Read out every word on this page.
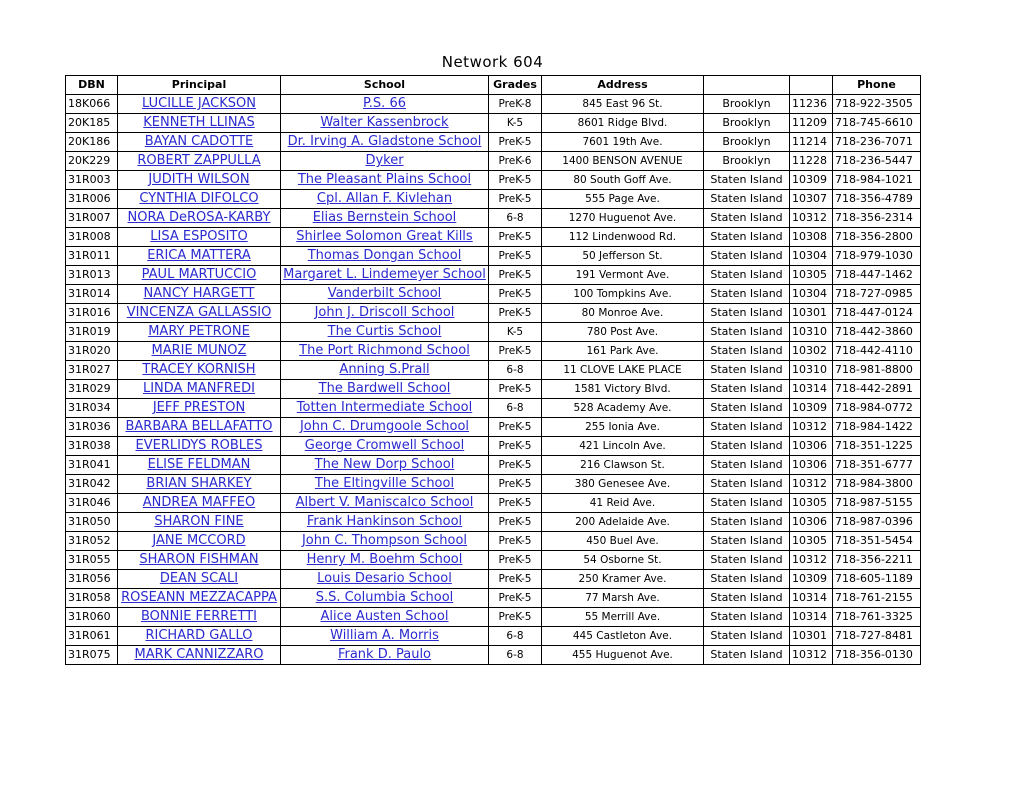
Network 604
DBN	Principal	School	Grades	Address			Phone
18K066	LUCILLE JACKSON	P.S. 66	PreK-8	845 East 96 St.	Brooklyn	11236	718-922-3505
20K185	KENNETH LLINAS	Walter Kassenbrock	K-5	8601 Ridge Blvd.	Brooklyn	11209	718-745-6610
20K186	BAYAN CADOTTE	Dr. Irving A. Gladstone School	PreK-5	7601 19th Ave.	Brooklyn	11214	718-236-7071
20K229	ROBERT ZAPPULLA	Dyker	PreK-6	1400 BENSON AVENUE	Brooklyn	11228	718-236-5447
31R003	JUDITH WILSON	The Pleasant Plains School	PreK-5	80 South Goff Ave.	Staten Island	10309	718-984-1021
31R006	CYNTHIA DIFOLCO	Cpl. Allan F. Kivlehan	PreK-5	555 Page Ave.	Staten Island	10307	718-356-4789
31R007	NORA DeROSA-KARBY	Elias Bernstein School	6-8	1270 Huguenot Ave.	Staten Island	10312	718-356-2314
31R008	LISA ESPOSITO	Shirlee Solomon Great Kills	PreK-5	112 Lindenwood Rd.	Staten Island	10308	718-356-2800
31R011	ERICA MATTERA	Thomas Dongan School	PreK-5	50 Jefferson St.	Staten Island	10304	718-979-1030
31R013	PAUL MARTUCCIO	Margaret L. Lindemeyer School	PreK-5	191 Vermont Ave.	Staten Island	10305	718-447-1462
31R014	NANCY HARGETT	Vanderbilt School	PreK-5	100 Tompkins Ave.	Staten Island	10304	718-727-0985
31R016	VINCENZA GALLASSIO	John J. Driscoll School	PreK-5	80 Monroe Ave.	Staten Island	10301	718-447-0124
31R019	MARY PETRONE	The Curtis School	K-5	780 Post Ave.	Staten Island	10310	718-442-3860
31R020	MARIE MUNOZ	The Port Richmond School	PreK-5	161 Park Ave.	Staten Island	10302	718-442-4110
31R027	TRACEY KORNISH	Anning S.Prall	6-8	11 CLOVE LAKE PLACE	Staten Island	10310	718-981-8800
31R029	LINDA MANFREDI	The Bardwell School	PreK-5	1581 Victory Blvd.	Staten Island	10314	718-442-2891
31R034	JEFF PRESTON	Totten Intermediate School	6-8	528 Academy Ave.	Staten Island	10309	718-984-0772
31R036	BARBARA BELLAFATTO	John C. Drumgoole School	PreK-5	255 Ionia Ave.	Staten Island	10312	718-984-1422
31R038	EVERLIDYS ROBLES	George Cromwell School	PreK-5	421 Lincoln Ave.	Staten Island	10306	718-351-1225
31R041	ELISE FELDMAN	The New Dorp School	PreK-5	216 Clawson St.	Staten Island	10306	718-351-6777
31R042	BRIAN SHARKEY	The Eltingville School	PreK-5	380 Genesee Ave.	Staten Island	10312	718-984-3800
31R046	ANDREA MAFFEO	Albert V. Maniscalco School	PreK-5	41 Reid Ave.	Staten Island	10305	718-987-5155
31R050	SHARON FINE	Frank Hankinson School	PreK-5	200 Adelaide Ave.	Staten Island	10306	718-987-0396
31R052	JANE MCCORD	John C. Thompson School	PreK-5	450 Buel Ave.	Staten Island	10305	718-351-5454
31R055	SHARON FISHMAN	Henry M. Boehm School	PreK-5	54 Osborne St.	Staten Island	10312	718-356-2211
31R056	DEAN SCALI	Louis Desario School	PreK-5	250 Kramer Ave.	Staten Island	10309	718-605-1189
31R058	ROSEANN MEZZACAPPA	S.S. Columbia School	PreK-5	77 Marsh Ave.	Staten Island	10314	718-761-2155
31R060	BONNIE FERRETTI	Alice Austen School	PreK-5	55 Merrill Ave.	Staten Island	10314	718-761-3325
31R061	RICHARD GALLO	William A. Morris	6-8	445 Castleton Ave.	Staten Island	10301	718-727-8481
31R075	MARK CANNIZZARO	Frank D. Paulo	6-8	455 Huguenot Ave.	Staten Island	10312	718-356-0130
